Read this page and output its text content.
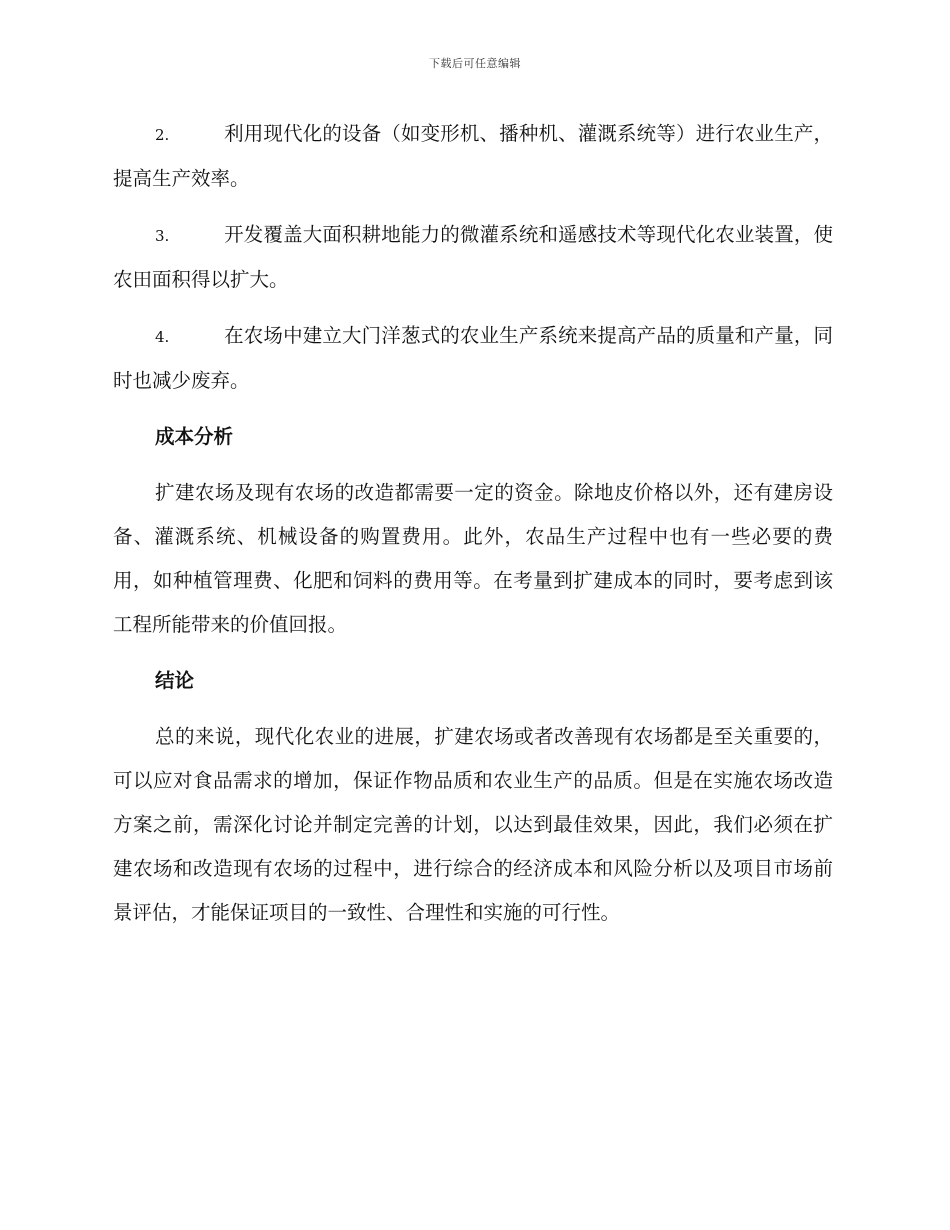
下载后可任意编辑

2.	利用现代化的设备（如变形机、播种机、灌溉系统等）进行农业生产，提高生产效率。

3.	开发覆盖大面积耕地能力的微灌系统和遥感技术等现代化农业装置，使农田面积得以扩大。

4.	在农场中建立大门洋葱式的农业生产系统来提高产品的质量和产量，同时也减少废弃。

成本分析

扩建农场及现有农场的改造都需要一定的资金。除地皮价格以外，还有建房设备、灌溉系统、机械设备的购置费用。此外，农品生产过程中也有一些必要的费用，如种植管理费、化肥和饲料的费用等。在考量到扩建成本的同时，要考虑到该工程所能带来的价值回报。

结论

总的来说，现代化农业的进展，扩建农场或者改善现有农场都是至关重要的，可以应对食品需求的增加，保证作物品质和农业生产的品质。但是在实施农场改造方案之前，需深化讨论并制定完善的计划，以达到最佳效果，因此，我们必须在扩建农场和改造现有农场的过程中，进行综合的经济成本和风险分析以及项目市场前景评估，才能保证项目的一致性、合理性和实施的可行性。
